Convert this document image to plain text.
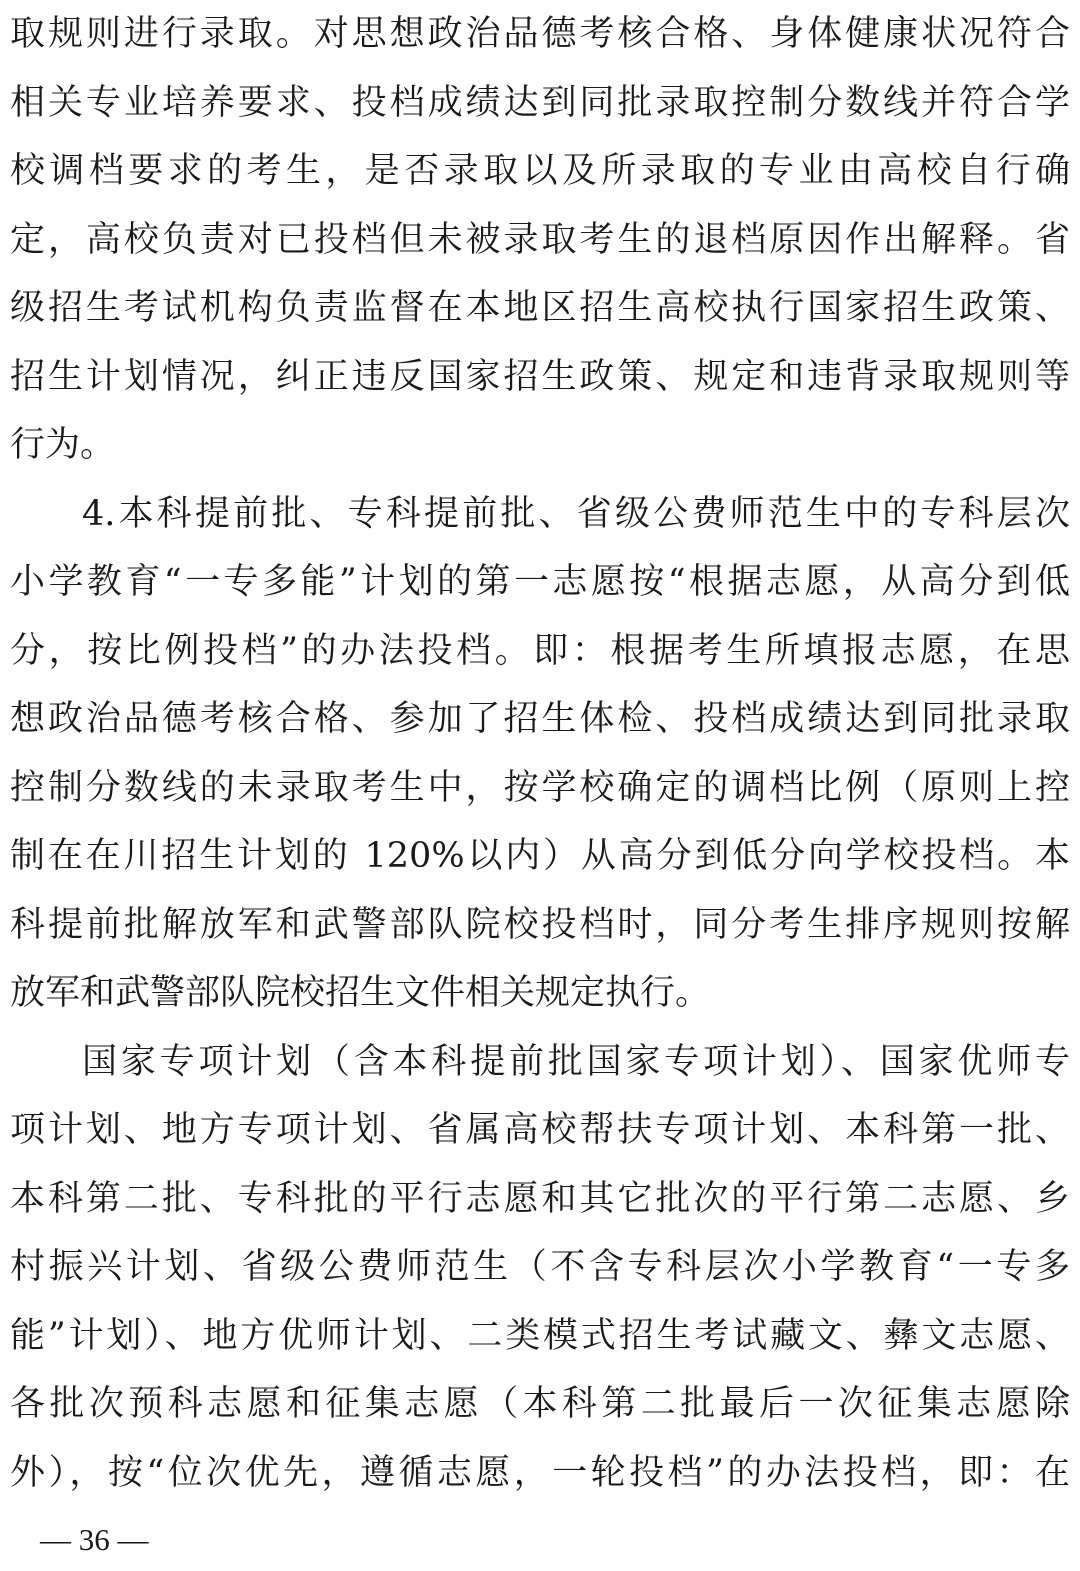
取规则进行录取。对思想政治品德考核合格、身体健康状况符合
相关专业培养要求、投档成绩达到同批录取控制分数线并符合学
校调档要求的考生，是否录取以及所录取的专业由高校自行确
定，高校负责对已投档但未被录取考生的退档原因作出解释。省
级招生考试机构负责监督在本地区招生高校执行国家招生政策、
招生计划情况，纠正违反国家招生政策、规定和违背录取规则等
行为。
4.本科提前批、专科提前批、省级公费师范生中的专科层次
小学教育“一专多能”计划的第一志愿按“根据志愿，从高分到低
分，按比例投档”的办法投档。即：根据考生所填报志愿，在思
想政治品德考核合格、参加了招生体检、投档成绩达到同批录取
控制分数线的未录取考生中，按学校确定的调档比例（原则上控
制在在川招生计划的 120%以内）从高分到低分向学校投档。本
科提前批解放军和武警部队院校投档时，同分考生排序规则按解
放军和武警部队院校招生文件相关规定执行。
国家专项计划（含本科提前批国家专项计划）、国家优师专
项计划、地方专项计划、省属高校帮扶专项计划、本科第一批、
本科第二批、专科批的平行志愿和其它批次的平行第二志愿、乡
村振兴计划、省级公费师范生（不含专科层次小学教育“一专多
能”计划）、地方优师计划、二类模式招生考试藏文、彝文志愿、
各批次预科志愿和征集志愿（本科第二批最后一次征集志愿除
外），按“位次优先，遵循志愿，一轮投档”的办法投档，即：在
— 36 —
